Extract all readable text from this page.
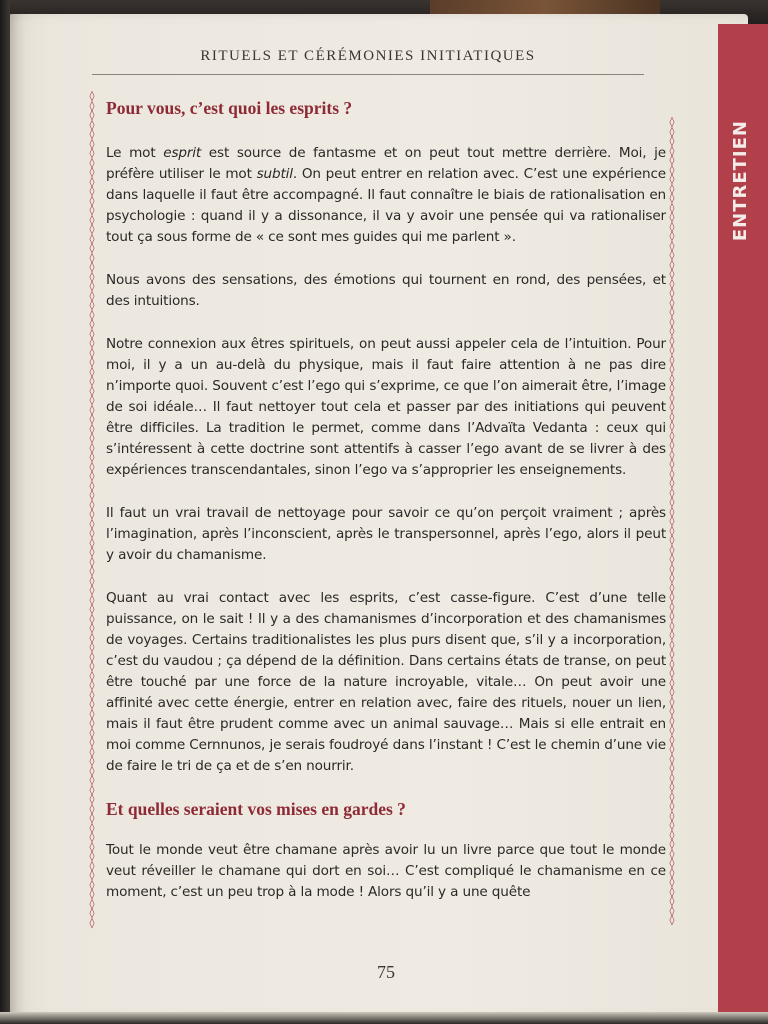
RITUELS ET CÉRÉMONIES INITIATIQUES
ENTRETIEN
◊
◊
◊
◊
◊
◊
◊
◊
◊
◊
◊
◊
◊
◊
◊
◊
◊
◊
◊
◊
◊
◊
◊
◊
◊
◊
◊
◊
◊
◊
◊
◊
◊
◊
◊
◊
◊
◊
◊
◊
◊
◊
◊
◊
◊
◊
◊
◊
◊
◊
◊
◊
◊
◊
◊
◊
◊
◊
◊
◊
◊
◊
◊
◊
◊
◊
◊
◊
◊
◊
◊
◊
◊
◊
◊
◊
◊
◊
◊
◊
◊
◊
◊
◊
◊
◊
◊
◊
◊
◊
◊
◊
◊
◊
◊
◊
◊
◊
◊
◊
◊
◊
◊
◊
◊
◊
◊
◊
◊
◊
◊
◊
◊
◊
◊
◊
◊
◊
◊
◊
◊
◊
◊
◊
◊
◊
◊
◊
◊
◊
◊
◊
◊
◊
◊
◊
◊
◊
◊
◊
◊
◊
◊
◊
◊
◊
◊
◊
◊
◊
◊
◊
◊
◊
◊
◊
◊
◊
◊
◊
◊
◊
◊
◊
◊
◊
◊
◊
◊
◊
◊
◊
◊
Pour vous, c’est quoi les esprits ?

Le mot esprit est source de fantasme et on peut tout mettre derrière. Moi, je préfère utiliser le mot subtil. On peut entrer en relation avec. C’est une expérience dans laquelle il faut être accompagné. Il faut connaître le biais de rationalisation en psychologie : quand il y a dissonance, il va y avoir une pensée qui va rationaliser tout ça sous forme de « ce sont mes guides qui me parlent ».

Nous avons des sensations, des émotions qui tournent en rond, des pensées, et des intuitions.

Notre connexion aux êtres spirituels, on peut aussi appeler cela de l’intuition. Pour moi, il y a un au-delà du physique, mais il faut faire attention à ne pas dire n’importe quoi. Souvent c’est l’ego qui s’exprime, ce que l’on aimerait être, l’image de soi idéale… Il faut nettoyer tout cela et passer par des initiations qui peuvent être difficiles. La tradition le permet, comme dans l’Advaïta Vedanta : ceux qui s’intéressent à cette doctrine sont attentifs à casser l’ego avant de se livrer à des expériences transcendantales, sinon l’ego va s’approprier les enseignements.

Il faut un vrai travail de nettoyage pour savoir ce qu’on perçoit vraiment ; après l’imagination, après l’inconscient, après le transpersonnel, après l’ego, alors il peut y avoir du chamanisme.

Quant au vrai contact avec les esprits, c’est casse-figure. C’est d’une telle puissance, on le sait ! Il y a des chamanismes d’incorporation et des chamanismes de voyages. Certains traditionalistes les plus purs disent que, s’il y a incorporation, c’est du vaudou ; ça dépend de la définition. Dans certains états de transe, on peut être touché par une force de la nature incroyable, vitale… On peut avoir une affinité avec cette énergie, entrer en relation avec, faire des rituels, nouer un lien, mais il faut être prudent comme avec un animal sauvage… Mais si elle entrait en moi comme Cernnunos, je serais foudroyé dans l’instant ! C’est le chemin d’une vie de faire le tri de ça et de s’en nourrir.

Et quelles seraient vos mises en gardes ?

Tout le monde veut être chamane après avoir lu un livre parce que tout le monde veut réveiller le chamane qui dort en soi… C’est compliqué le chamanisme en ce moment, c’est un peu trop à la mode ! Alors qu’il y a une quête

75
